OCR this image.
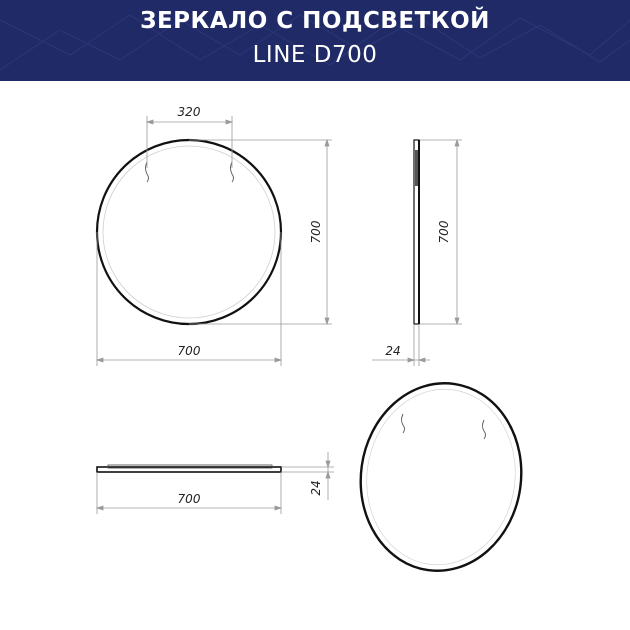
ЗЕРКАЛО С ПОДСВЕТКОЙ
LINE D700
320
700
700
700
24
700
24
